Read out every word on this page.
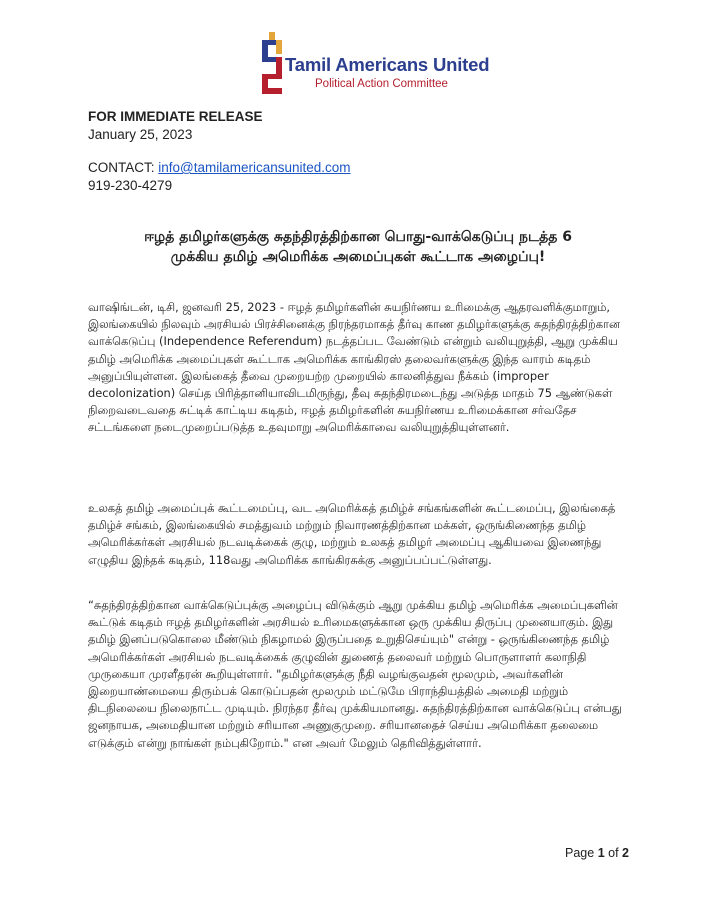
Tamil Americans United
Political Action Committee
FOR IMMEDIATE RELEASE
January 25, 2023
CONTACT: info@tamilamericansunited.com
919-230-4279
ஈழத் தமிழர்களுக்கு சுதந்திரத்திற்கான பொது-வாக்கெடுப்பு நடத்த 6
முக்கிய தமிழ் அமெரிக்க அமைப்புகள் கூட்டாக அழைப்பு!

வாஷிங்டன், டிசி, ஜனவரி 25, 2023 - ஈழத் தமிழர்களின் சுயநிர்ணய உரிமைக்கு ஆதரவளிக்குமாறும், இலங்கையில் நிலவும் அரசியல் பிரச்சினைக்கு நிரந்தரமாகத் தீர்வு காண தமிழர்களுக்கு சுதந்திரத்திற்கான வாக்கெடுப்பு (Independence Referendum) நடத்தப்பட வேண்டும் என்றும் வலியுறுத்தி, ஆறு முக்கிய தமிழ் அமெரிக்க அமைப்புகள் கூட்டாக அமெரிக்க காங்கிரஸ் தலைவர்களுக்கு இந்த வாரம் கடிதம் அனுப்பியுள்ளன. இலங்கைத் தீவை முறையற்ற முறையில் காலனித்துவ நீக்கம் (improper decolonization) செய்த பிரித்தானியாவிடமிருந்து, தீவு சுதந்திரமடைந்து அடுத்த மாதம் 75 ஆண்டுகள் நிறைவடைவதை சுட்டிக் காட்டிய கடிதம், ஈழத் தமிழர்களின் சுயநிர்ணய உரிமைக்கான சர்வதேச சட்டங்களை நடைமுறைப்படுத்த உதவுமாறு அமெரிக்காவை வலியுறுத்தியுள்ளனர்.

உலகத் தமிழ் அமைப்புக் கூட்டமைப்பு, வட அமெரிக்கத் தமிழ்ச் சங்கங்களின் கூட்டமைப்பு, இலங்கைத் தமிழ்ச் சங்கம், இலங்கையில் சமத்துவம் மற்றும் நிவாரணத்திற்கான மக்கள், ஒருங்கிணைந்த தமிழ் அமெரிக்கர்கள் அரசியல் நடவடிக்கைக் குழு, மற்றும் உலகத் தமிழர் அமைப்பு ஆகியவை இணைந்து எழுதிய இந்தக் கடிதம், 118வது அமெரிக்க காங்கிரசுக்கு அனுப்பப்பட்டுள்ளது.

“சுதந்திரத்திற்கான வாக்கெடுப்புக்கு அழைப்பு விடுக்கும் ஆறு முக்கிய தமிழ் அமெரிக்க அமைப்புகளின் கூட்டுக் கடிதம் ஈழத் தமிழர்களின் அரசியல் உரிமைகளுக்கான ஒரு முக்கிய திருப்பு முனையாகும். இது தமிழ் இனப்படுகொலை மீண்டும் நிகழாமல் இருப்பதை உறுதிசெய்யும்" என்று - ஒருங்கிணைந்த தமிழ் அமெரிக்கர்கள் அரசியல் நடவடிக்கைக் குழுவின் துணைத் தலைவர் மற்றும் பொருளாளர் கலாநிதி முருகையா முரளீதரன் கூறியுள்ளார். "தமிழர்களுக்கு நீதி வழங்குவதன் மூலமும், அவர்களின் இறையாண்மையை திரும்பக் கொடுப்பதன் மூலமும் மட்டுமே பிராந்தியத்தில் அமைதி மற்றும் திடநிலையை நிலைநாட்ட முடியும். நிரந்தர தீர்வு முக்கியமானது. சுதந்திரத்திற்கான வாக்கெடுப்பு என்பது ஜனநாயக, அமைதியான மற்றும் சரியான அணுகுமுறை. சரியானதைச் செய்ய அமெரிக்கா தலைமை எடுக்கும் என்று நாங்கள் நம்புகிறோம்." என அவர் மேலும் தெரிவித்துள்ளார்.

Page 1 of 2
